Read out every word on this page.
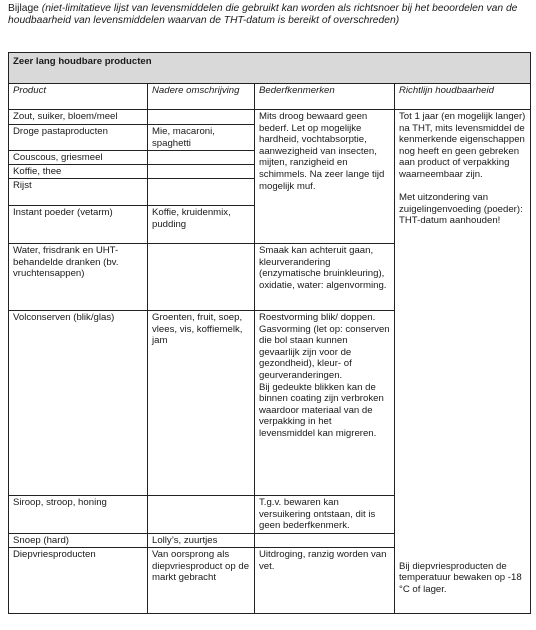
Bijlage (niet-limitatieve lijst van levensmiddelen die gebruikt kan worden als richtsnoer bij het beoordelen van de houdbaarheid van levensmiddelen waarvan de THT-datum is bereikt of overschreden)
Zeer lang houdbare producten			
Product	Nadere omschrijving	Bederfkenmerken	Richtlijn houdbaarheid
Zout, suiker, bloem/meel		Mits droog bewaard geen bederf. Let op mogelijke hardheid, vochtabsorptie, aanwezigheid van insecten, mijten, ranzigheid en schimmels. Na zeer lange tijd mogelijk muf.	Tot 1 jaar (en mogelijk langer) na THT, mits levensmiddel de kenmerkende eigenschappen nog heeft en geen gebreken aan product of verpakking waarneembaar zijn.
Met uitzondering van zuigelingenvoeding (poeder): THT-datum aanhouden!
Droge pastaproducten	Mie, macaroni, spaghetti		
Couscous, griesmeel			
Koffie, thee			
Rijst			
Instant poeder (vetarm)	Koffie, kruidenmix, pudding		
Water, frisdrank en UHT-behandelde dranken (bv. vruchtensappen)		Smaak kan achteruit gaan, kleurverandering (enzymatische bruinkleuring), oxidatie, water: algenvorming.	
Volconserven (blik/glas)	Groenten, fruit, soep, vlees, vis, koffiemelk, jam	Roestvorming blik/ doppen. Gasvorming (let op: conserven die bol staan kunnen gevaarlijk zijn voor de gezondheid), kleur- of geurveranderingen.
Bij gedeukte blikken kan de binnen coating zijn verbroken waardoor materiaal van de verpakking in het levensmiddel kan migreren.	
Siroop, stroop, honing		T.g.v. bewaren kan versuikering ontstaan, dit is geen bederfkenmerk.	
Snoep (hard)	Lolly’s, zuurtjes		
Diepvriesproducten	Van oorsprong als diepvriesproduct op de markt gebracht	Uitdroging, ranzig worden van vet.	Bij diepvriesproducten de temperatuur bewaken op -18 °C of lager.
